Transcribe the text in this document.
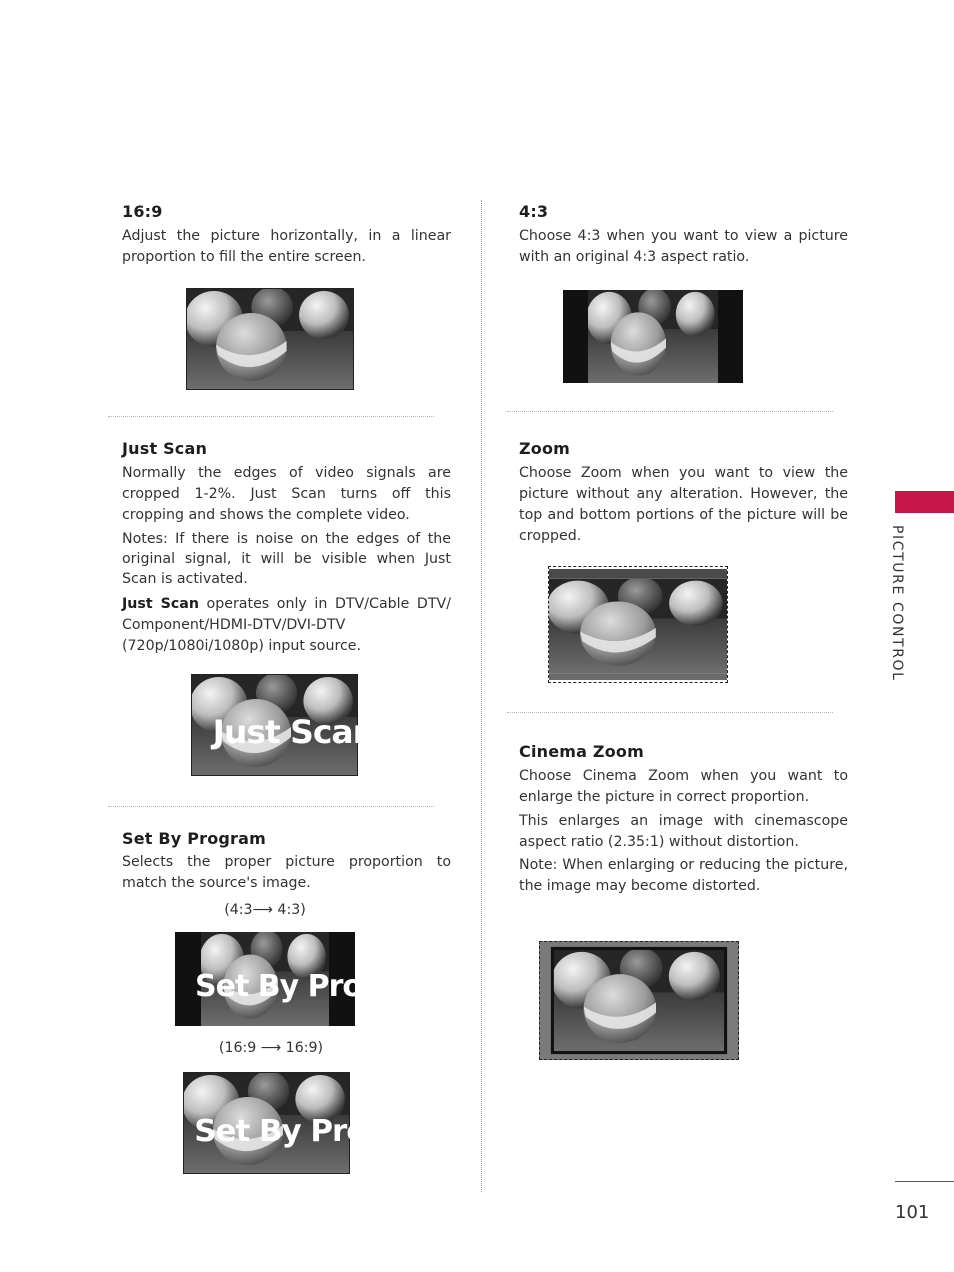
16:9
Adjust the picture horizontally, in a linear proportion to fill the entire screen.
Just Scan
Normally the edges of video signals are cropped 1-2%. Just Scan turns off this cropping and shows the complete video.
Notes: If there is noise on the edges of the original signal, it will be visible when Just Scan is activated.
Just Scan operates only in DTV/Cable DTV/ Component/HDMI-DTV/DVI-DTV (720p/1080i/1080p) input source.
Just Scan
Set By Program
Selects the proper picture proportion to match the source's image.
(4:3⟶ 4:3)
Set By Program
(16:9 ⟶ 16:9)
Set By Program
4:3
Choose 4:3 when you want to view a picture with an original 4:3 aspect ratio.
Zoom
Choose Zoom when you want to view the picture without any alteration. However, the top and bottom portions of the picture will be cropped.
Cinema Zoom
Choose Cinema Zoom when you want to enlarge the picture in correct proportion.
This enlarges an image with cinemascope aspect ratio (2.35:1) without distortion.
Note: When enlarging or reducing the picture, the image may become distorted.
PICTURE CONTROL
101
